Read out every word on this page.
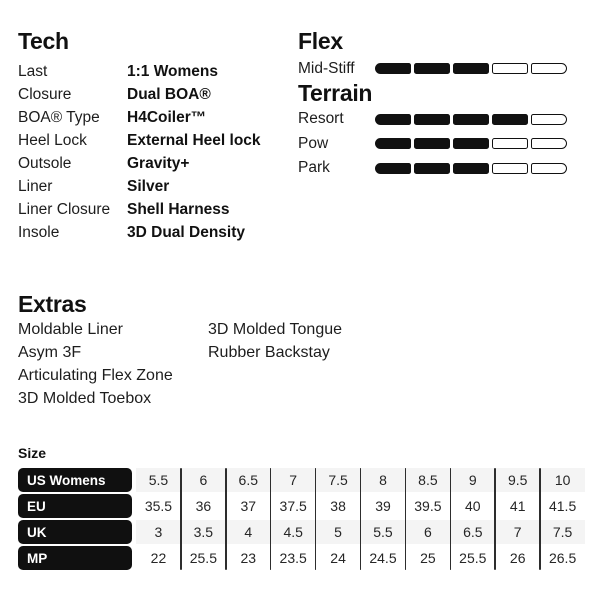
Tech
Last	1:1 Womens
Closure	Dual BOA®
BOA® Type	H4Coiler™
Heel Lock	External Heel lock
Outsole	Gravity+
Liner	Silver
Liner Closure	Shell Harness
Insole	3D Dual Density
Flex
Mid-Stiff
Terrain
Resort
Pow
Park
Extras
Moldable Liner
Asym 3F
Articulating Flex Zone
3D Molded Toebox
3D Molded Tongue
Rubber Backstay
Size
US Womens	5.5	6	6.5	7	7.5	8	8.5	9	9.5	10
EU	35.5	36	37	37.5	38	39	39.5	40	41	41.5
UK	3	3.5	4	4.5	5	5.5	6	6.5	7	7.5
MP	22	25.5	23	23.5	24	24.5	25	25.5	26	26.5
